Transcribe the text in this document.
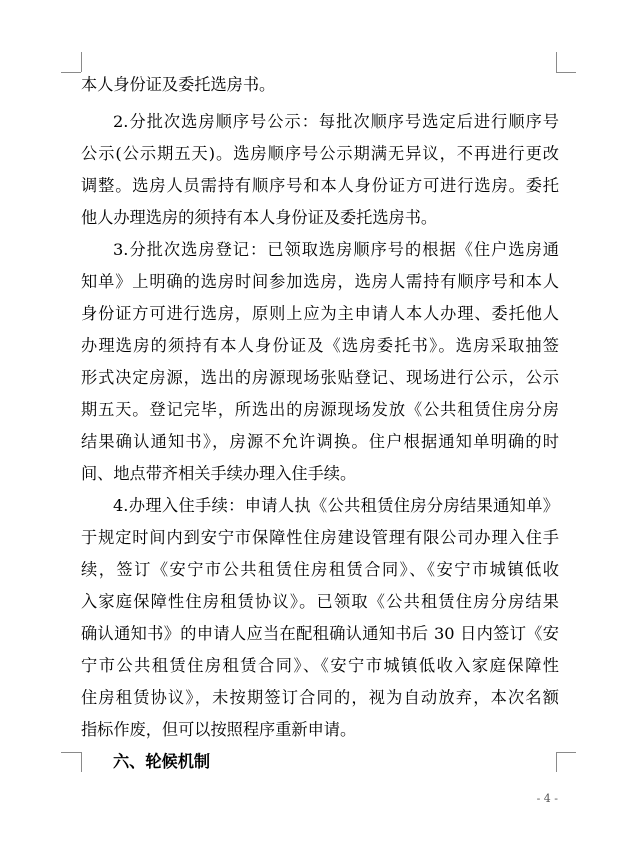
本人身份证及委托选房书。
2.分批次选房顺序号公示：每批次顺序号选定后进行顺序号
公示(公示期五天)。选房顺序号公示期满无异议，不再进行更改
调整。选房人员需持有顺序号和本人身份证方可进行选房。委托
他人办理选房的须持有本人身份证及委托选房书。
3.分批次选房登记：已领取选房顺序号的根据《住户选房通
知单》上明确的选房时间参加选房，选房人需持有顺序号和本人
身份证方可进行选房，原则上应为主申请人本人办理、委托他人
办理选房的须持有本人身份证及《选房委托书》。选房采取抽签
形式决定房源，选出的房源现场张贴登记、现场进行公示，公示
期五天。登记完毕，所选出的房源现场发放《公共租赁住房分房
结果确认通知书》，房源不允许调换。住户根据通知单明确的时
间、地点带齐相关手续办理入住手续。
4.办理入住手续：申请人执《公共租赁住房分房结果通知单》
于规定时间内到安宁市保障性住房建设管理有限公司办理入住手
续，签订《安宁市公共租赁住房租赁合同》、《安宁市城镇低收
入家庭保障性住房租赁协议》。已领取《公共租赁住房分房结果
确认通知书》的申请人应当在配租确认通知书后 30 日内签订《安
宁市公共租赁住房租赁合同》、《安宁市城镇低收入家庭保障性
住房租赁协议》，未按期签订合同的，视为自动放弃，本次名额
指标作废，但可以按照程序重新申请。
六、轮候机制
- 4 -
